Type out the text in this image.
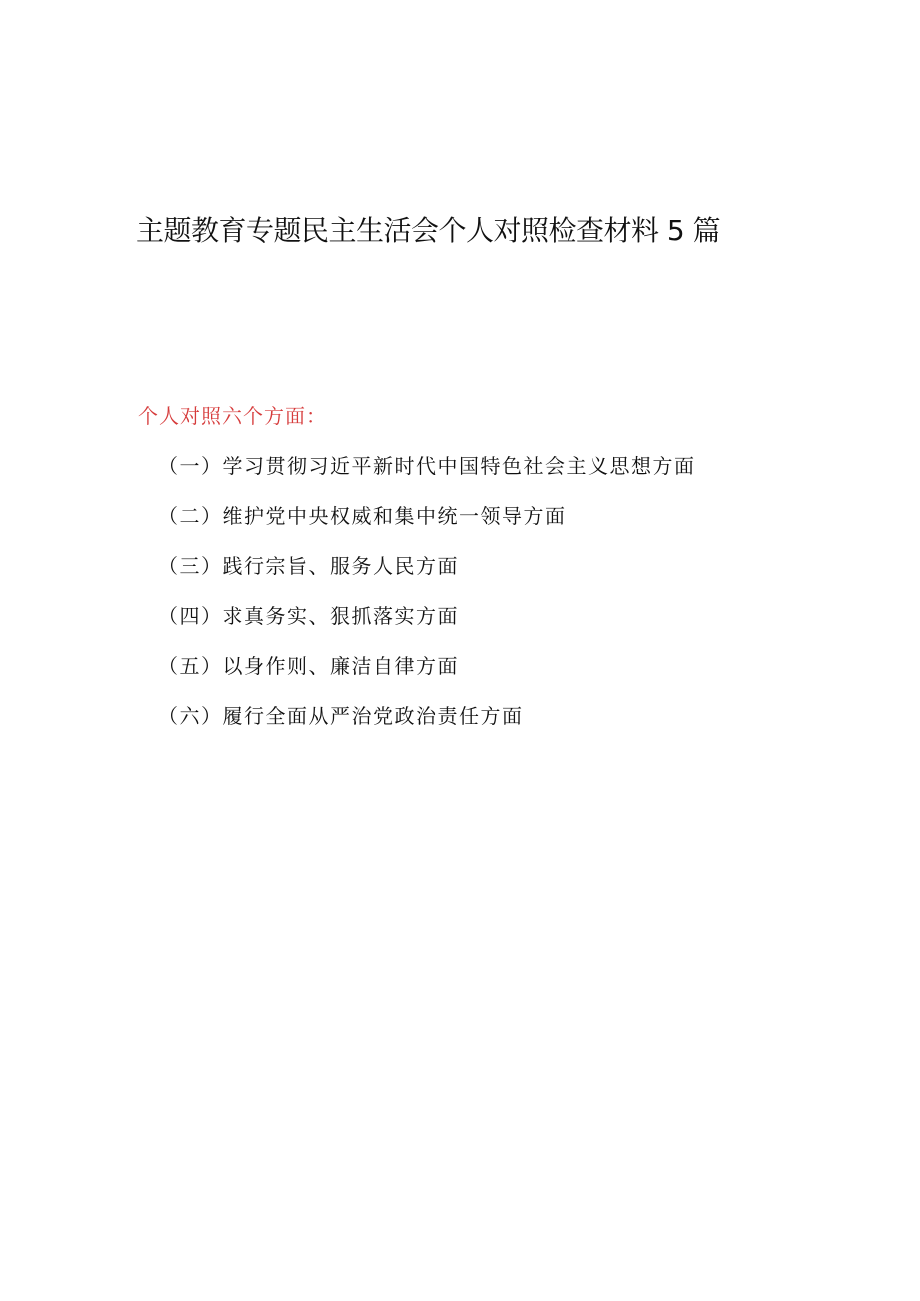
主题教育专题民主生活会个人对照检查材料 5 篇

个人对照六个方面：

（一）学习贯彻习近平新时代中国特色社会主义思想方面
（二）维护党中央权威和集中统一领导方面
（三）践行宗旨、服务人民方面
（四）求真务实、狠抓落实方面
（五）以身作则、廉洁自律方面
（六）履行全面从严治党政治责任方面
